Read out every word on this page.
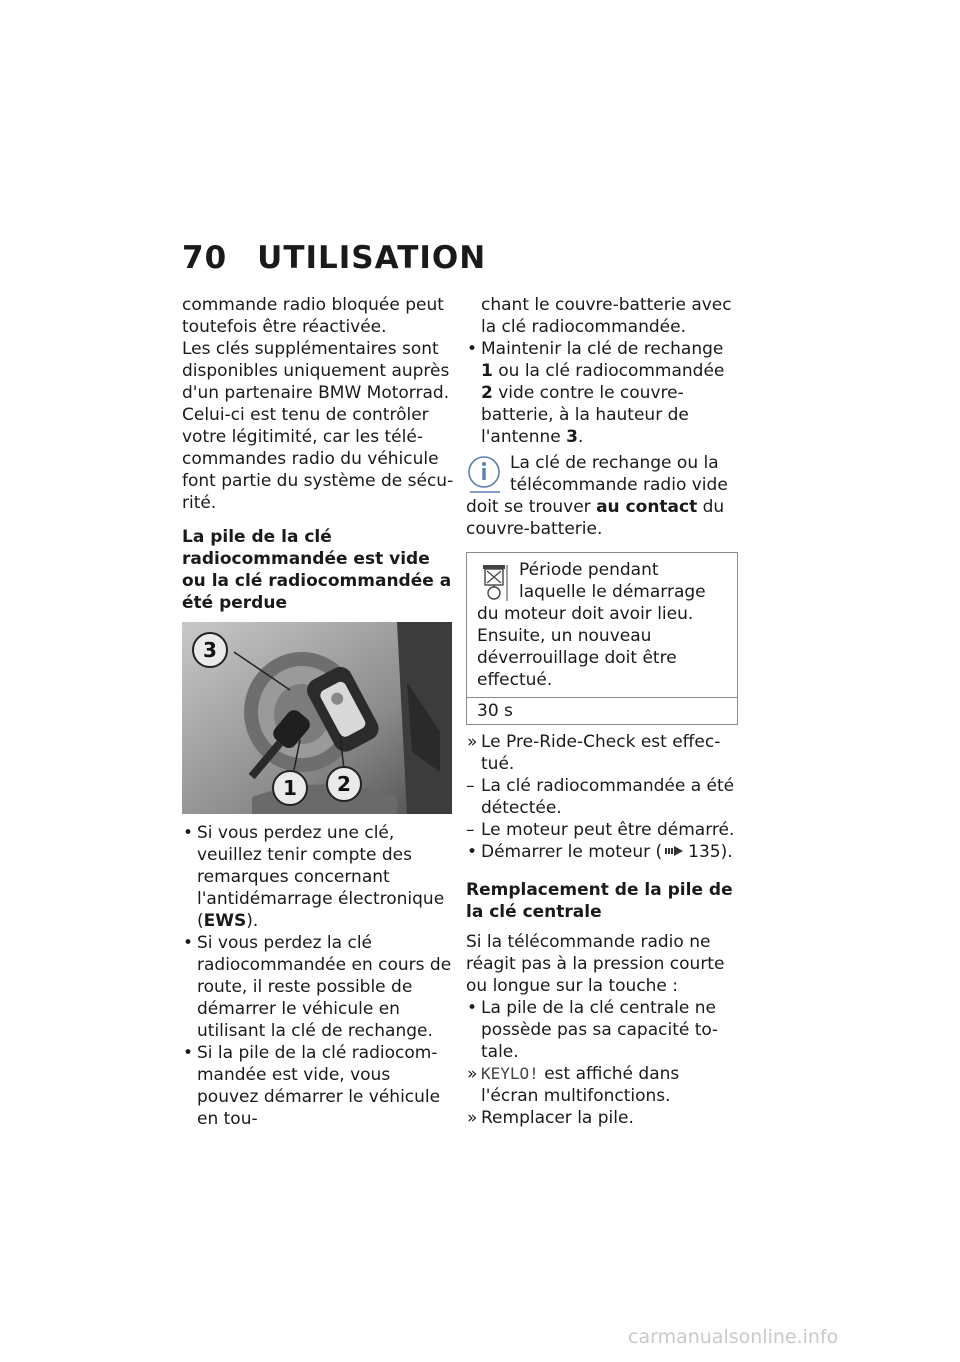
70 UTILISATION
commande radio bloquée peut toutefois être réactivée.
Les clés supplémentaires sont disponibles uniquement auprès d'un partenaire BMW Motorrad. Celui-ci est tenu de contrôler votre légitimité, car les télécommandes radio du véhicule font partie du système de sécurité.
La pile de la clé radiocommandée est vide ou la clé radiocommandée a été perdue
3
1 2
• Si vous perdez une clé, veuillez tenir compte des remarques concernant l'antidémarrage électronique (EWS).
• Si vous perdez la clé radiocommandée en cours de route, il reste possible de démarrer le véhicule en utilisant la clé de rechange.
• Si la pile de la clé radiocommandée est vide, vous pouvez démarrer le véhicule en tou-
chant le couvre-batterie avec la clé radiocommandée.
• Maintenir la clé de rechange 1 ou la clé radiocommandée 2 vide contre le couvre-batterie, à la hauteur de l'antenne 3.
La clé de rechange ou la télécommande radio vide doit se trouver au contact du couvre-batterie.
Période pendant laquelle le démarrage du moteur doit avoir lieu. Ensuite, un nouveau déverrouillage doit être effectué.
30 s
» Le Pre-Ride-Check est effectué.
– La clé radiocommandée a été détectée.
– Le moteur peut être démarré.
• Démarrer le moteur ( 135).
Remplacement de la pile de la clé centrale
Si la télécommande radio ne réagit pas à la pression courte ou longue sur la touche :
• La pile de la clé centrale ne possède pas sa capacité totale.
» KEYLO! est affiché dans l'écran multifonctions.
» Remplacer la pile.
carmanualsonline.info
